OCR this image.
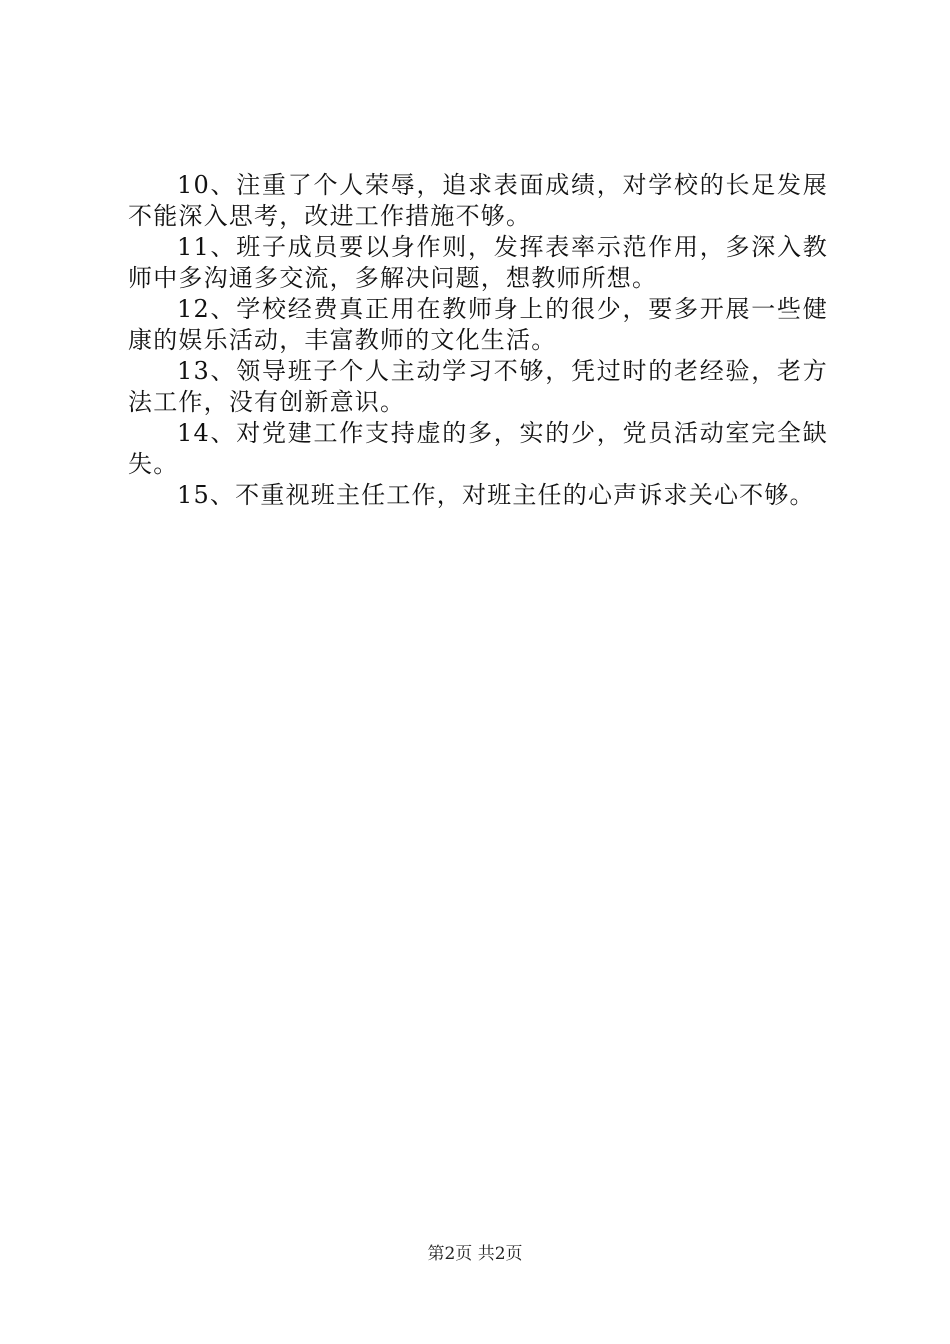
10、注重了个人荣辱，追求表面成绩，对学校的长足发展不能深入思考，改进工作措施不够。

11、班子成员要以身作则，发挥表率示范作用，多深入教师中多沟通多交流，多解决问题，想教师所想。

12、学校经费真正用在教师身上的很少，要多开展一些健康的娱乐活动，丰富教师的文化生活。

13、领导班子个人主动学习不够，凭过时的老经验，老方法工作，没有创新意识。

14、对党建工作支持虚的多，实的少，党员活动室完全缺失。

15、不重视班主任工作，对班主任的心声诉求关心不够。

第2页 共2页
